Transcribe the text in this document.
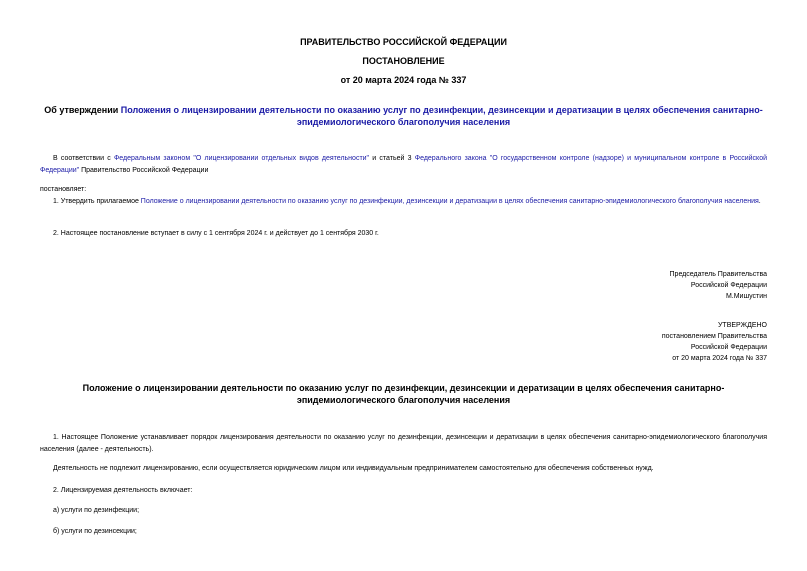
ПРАВИТЕЛЬСТВО РОССИЙСКОЙ ФЕДЕРАЦИИ
ПОСТАНОВЛЕНИЕ
от 20 марта 2024 года № 337
Об утверждении Положения о лицензировании деятельности по оказанию услуг по дезинфекции, дезинсекции и дератизации в целях обеспечения санитарно-эпидемиологического благополучия населения
В соответствии с Федеральным законом "О лицензировании отдельных видов деятельности" и статьей 3 Федерального закона "О государственном контроле (надзоре) и муниципальном контроле в Российской Федерации" Правительство Российской Федерации
постановляет:
1. Утвердить прилагаемое Положение о лицензировании деятельности по оказанию услуг по дезинфекции, дезинсекции и дератизации в целях обеспечения санитарно-эпидемиологического благополучия населения.
2. Настоящее постановление вступает в силу с 1 сентября 2024 г. и действует до 1 сентября 2030 г.
Председатель Правительства
Российской Федерации
М.Мишустин
УТВЕРЖДЕНО
постановлением Правительства
Российской Федерации
от 20 марта 2024 года № 337
Положение о лицензировании деятельности по оказанию услуг по дезинфекции, дезинсекции и дератизации в целях обеспечения санитарно-эпидемиологического благополучия населения
1. Настоящее Положение устанавливает порядок лицензирования деятельности по оказанию услуг по дезинфекции, дезинсекции и дератизации в целях обеспечения санитарно-эпидемиологического благополучия населения (далее - деятельность).
Деятельность не подлежит лицензированию, если осуществляется юридическим лицом или индивидуальным предпринимателем самостоятельно для обеспечения собственных нужд.
2. Лицензируемая деятельность включает:
а) услуги по дезинфекции;
б) услуги по дезинсекции;
